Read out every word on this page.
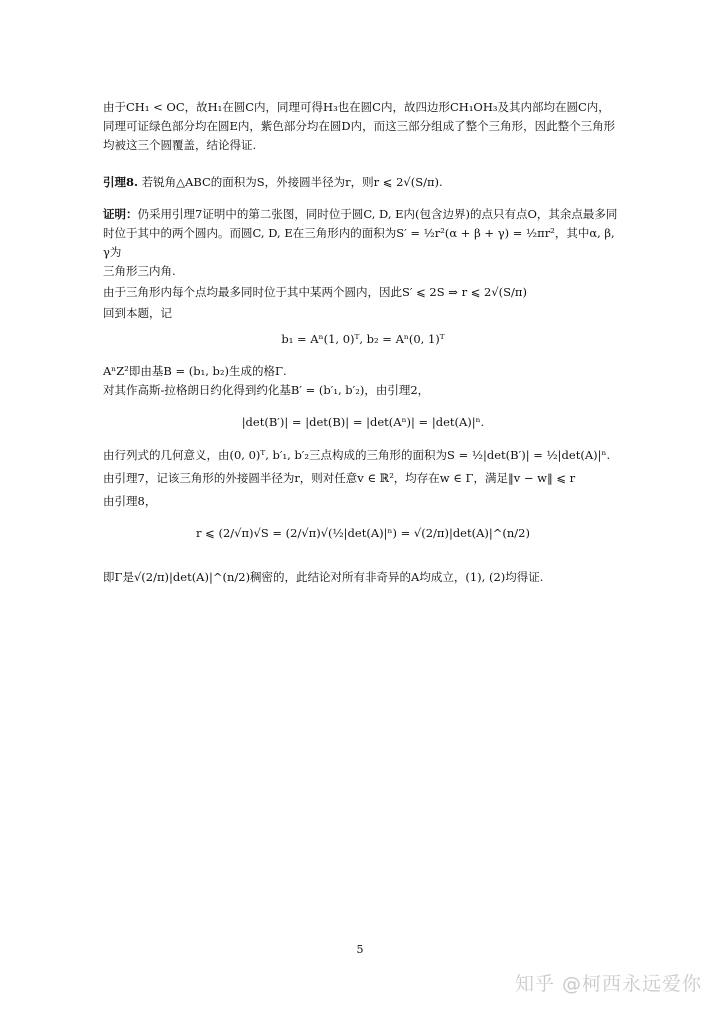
由于CH₁ < OC，故H₁在圆C内，同理可得H₃也在圆C内，故四边形CH₁OH₃及其内部均在圆C内，

同理可证绿色部分均在圆E内，紫色部分均在圆D内，而这三部分组成了整个三角形，因此整个三角形

均被这三个圆覆盖，结论得证.

引理8. 若锐角△ABC的面积为S，外接圆半径为r，则r ⩽ 2√(S/π).

证明：仍采用引理7证明中的第二张图，同时位于圆C, D, E内(包含边界)的点只有点O，其余点最多同

时位于其中的两个圆内。而圆C, D, E在三角形内的面积为S′ = ½r²(α + β + γ) = ½πr²，其中α, β, γ为

三角形三内角.

由于三角形内每个点均最多同时位于其中某两个圆内，因此S′ ⩽ 2S ⇒ r ⩽ 2√(S/π)

回到本题，记

b₁ = Aⁿ(1, 0)ᵀ, b₂ = Aⁿ(0, 1)ᵀ

AⁿZ²即由基B = (b₁, b₂)生成的格Γ.

对其作高斯-拉格朗日约化得到约化基B′ = (b′₁, b′₂)，由引理2，

|det(B′)| = |det(B)| = |det(Aⁿ)| = |det(A)|ⁿ.

由行列式的几何意义，由(0, 0)ᵀ, b′₁, b′₂三点构成的三角形的面积为S = ½|det(B′)| = ½|det(A)|ⁿ.

由引理7，记该三角形的外接圆半径为r，则对任意v ∈ ℝ²，均存在w ∈ Γ，满足‖v − w‖ ⩽ r

由引理8，

r ⩽ (2/√π)√S = (2/√π)√(½|det(A)|ⁿ) = √(2/π)|det(A)|^(n/2)

即Γ是√(2/π)|det(A)|^(n/2)稠密的，此结论对所有非奇异的A均成立，(1), (2)均得证.

5
知乎 @柯西永远爱你
